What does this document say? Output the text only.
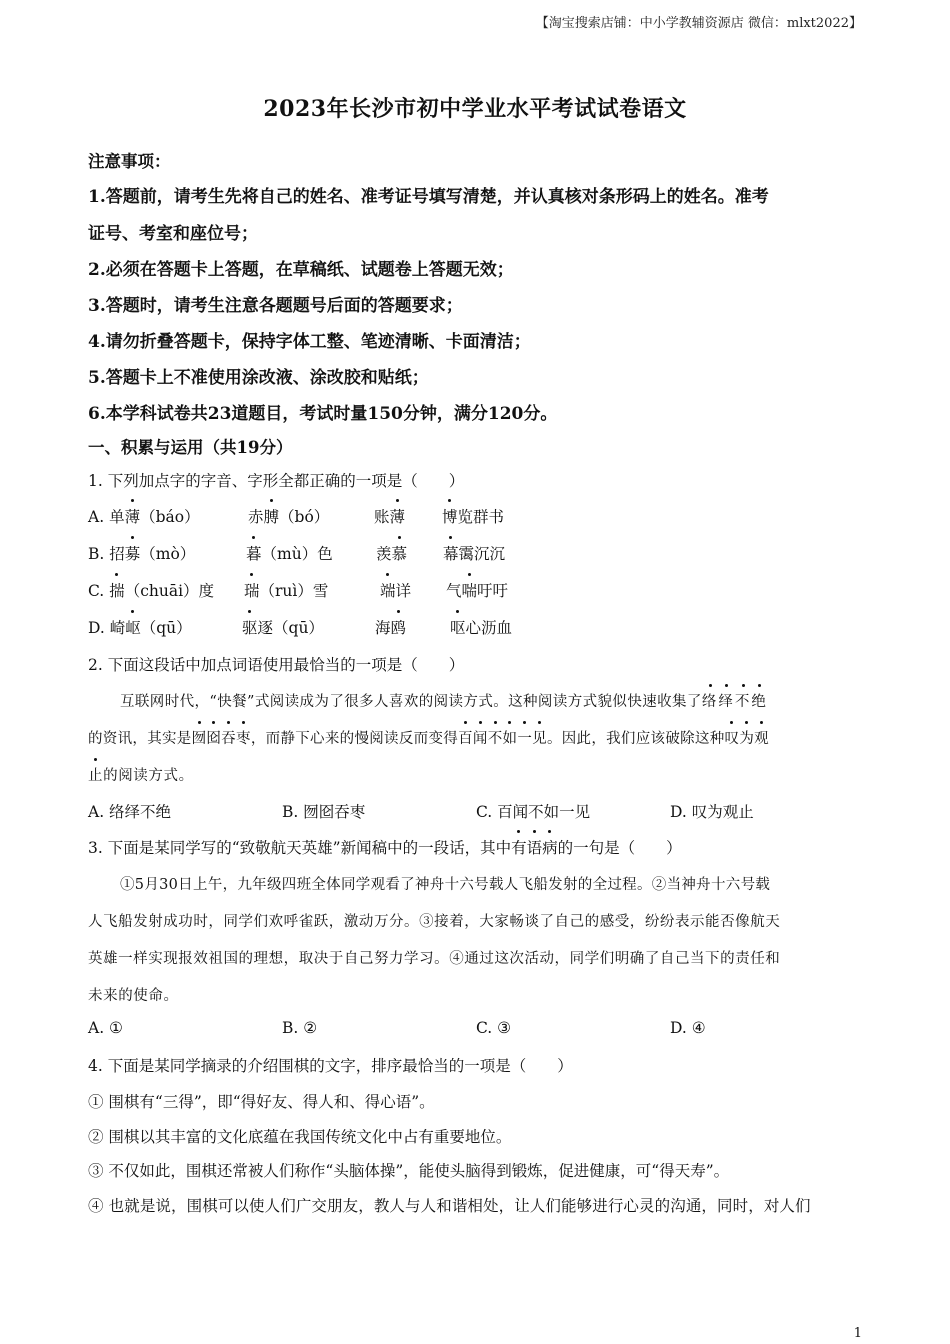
【淘宝搜索店铺：中小学教辅资源店 微信：mlxt2022】
2023年长沙市初中学业水平考试试卷语文
注意事项：
1.答题前，请考生先将自己的姓名、准考证号填写清楚，并认真核对条形码上的姓名。准考
证号、考室和座位号；
2.必须在答题卡上答题，在草稿纸、试题卷上答题无效；
3.答题时，请考生注意各题题号后面的答题要求；
4.请勿折叠答题卡，保持字体工整、笔迹清晰、卡面清洁；
5.答题卡上不准使用涂改液、涂改胶和贴纸；
6.本学科试卷共23道题目，考试时量150分钟，满分120分。
一、积累与运用（共19分）
1. 下列加点字的字音、字形全都正确的一项是（　　）
A. 单薄（báo）	赤膊（bó）	账薄 博览群书
B. 招募（mò）	暮（mù）色	羡慕 幕霭沉沉
C. 揣（chuāi）度 瑞（ruì）雪	端详 气喘吁吁
D. 崎岖（qū）	驱逐（qū）	海鸥	呕心沥血
2. 下面这段话中加点词语使用最恰当的一项是（　　）
互联网时代，“快餐”式阅读成为了很多人喜欢的阅读方式。这种阅读方式貌似快速收集了络绎不绝
的资讯，其实是囫囵吞枣，而静下心来的慢阅读反而变得百闻不如一见。因此，我们应该破除这种叹为观
止的阅读方式。
A. 络绎不绝	B. 囫囵吞枣	C. 百闻不如一见	D. 叹为观止
3. 下面是某同学写的“致敬航天英雄”新闻稿中的一段话，其中有语病的一句是（　　）
①5月30日上午，九年级四班全体同学观看了神舟十六号载人飞船发射的全过程。②当神舟十六号载
人飞船发射成功时，同学们欢呼雀跃，激动万分。③接着，大家畅谈了自己的感受，纷纷表示能否像航天
英雄一样实现报效祖国的理想，取决于自己努力学习。④通过这次活动，同学们明确了自己当下的责任和
未来的使命。
A. ①	B. ②	C. ③	D. ④
4. 下面是某同学摘录的介绍围棋的文字，排序最恰当的一项是（　　）
① 围棋有“三得”，即“得好友、得人和、得心语”。
② 围棋以其丰富的文化底蕴在我国传统文化中占有重要地位。
③ 不仅如此，围棋还常被人们称作“头脑体操”，能使头脑得到锻炼，促进健康，可“得天寿”。
④ 也就是说，围棋可以使人们广交朋友，教人与人和谐相处，让人们能够进行心灵的沟通，同时，对人们
1
